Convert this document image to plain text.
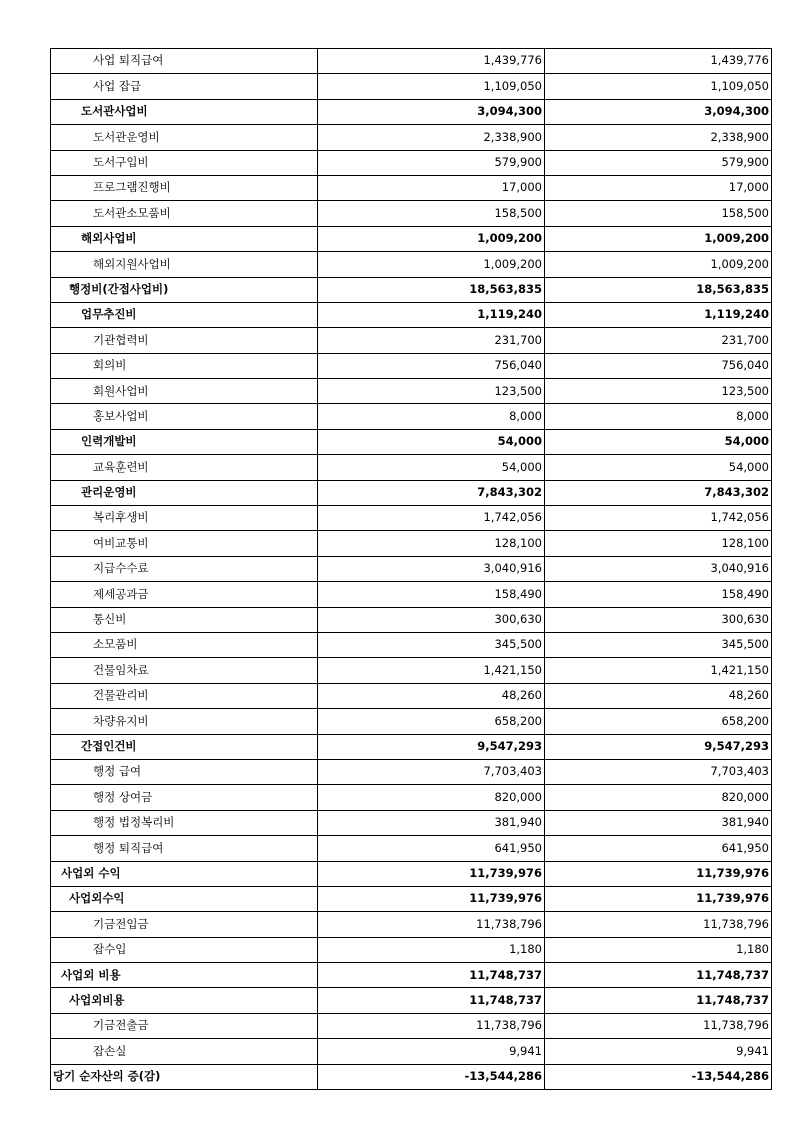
사업 퇴직급여	1,439,776	1,439,776
사업 잡급	1,109,050	1,109,050
도서관사업비	3,094,300	3,094,300
도서관운영비	2,338,900	2,338,900
도서구입비	579,900	579,900
프로그램진행비	17,000	17,000
도서관소모품비	158,500	158,500
해외사업비	1,009,200	1,009,200
해외지원사업비	1,009,200	1,009,200
행정비(간접사업비)	18,563,835	18,563,835
업무추진비	1,119,240	1,119,240
기관협력비	231,700	231,700
회의비	756,040	756,040
회원사업비	123,500	123,500
홍보사업비	8,000	8,000
인력개발비	54,000	54,000
교육훈련비	54,000	54,000
관리운영비	7,843,302	7,843,302
복리후생비	1,742,056	1,742,056
여비교통비	128,100	128,100
지급수수료	3,040,916	3,040,916
제세공과금	158,490	158,490
통신비	300,630	300,630
소모품비	345,500	345,500
건물임차료	1,421,150	1,421,150
건물관리비	48,260	48,260
차량유지비	658,200	658,200
간접인건비	9,547,293	9,547,293
행정 급여	7,703,403	7,703,403
행정 상여금	820,000	820,000
행정 법정복리비	381,940	381,940
행정 퇴직급여	641,950	641,950
사업외 수익	11,739,976	11,739,976
사업외수익	11,739,976	11,739,976
기금전입금	11,738,796	11,738,796
잡수입	1,180	1,180
사업외 비용	11,748,737	11,748,737
사업외비용	11,748,737	11,748,737
기금전출금	11,738,796	11,738,796
잡손실	9,941	9,941
당기 순자산의 증(감)	-13,544,286	-13,544,286
